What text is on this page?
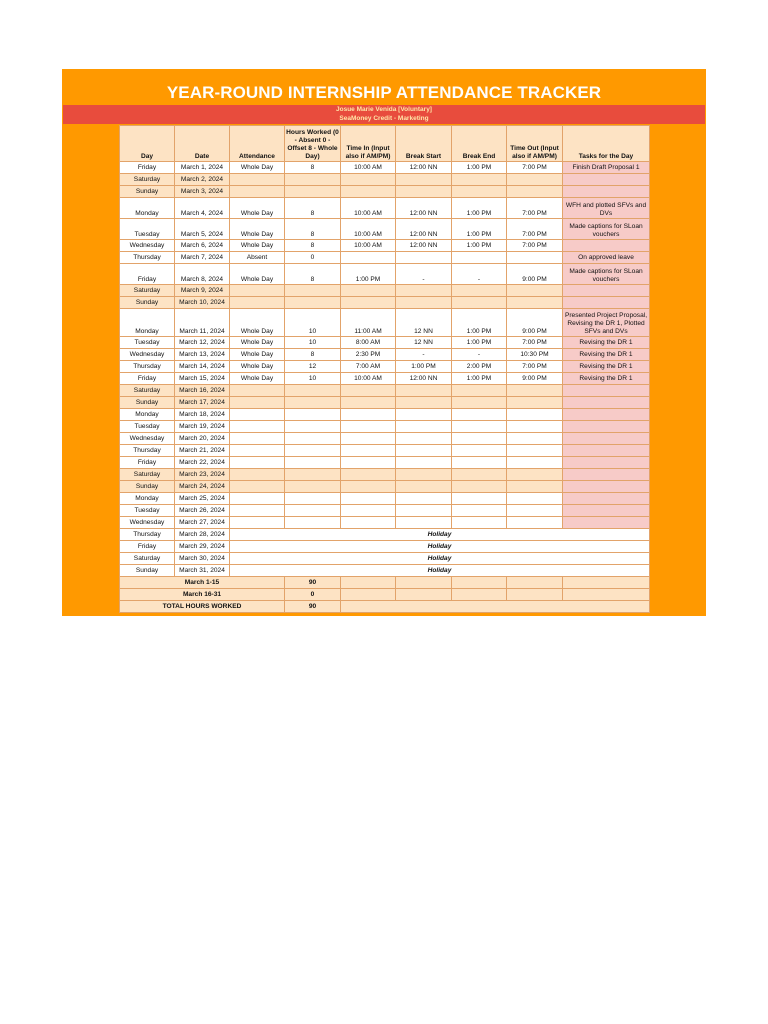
YEAR-ROUND INTERNSHIP ATTENDANCE TRACKER
Josue Marie Venida [Voluntary]
SeaMoney Credit - Marketing
Day	Date	Attendance	Hours Worked (0 - Absent 0 - Offset 8 - Whole Day)	Time In (Input also if AM/PM)	Break Start	Break End	Time Out (Input also if AM/PM)	Tasks for the Day
Friday	March 1, 2024	Whole Day	8	10:00 AM	12:00 NN	1:00 PM	7:00 PM	Finish Draft Proposal 1
Saturday	March 2, 2024							
Sunday	March 3, 2024							
Monday	March 4, 2024	Whole Day	8	10:00 AM	12:00 NN	1:00 PM	7:00 PM	WFH and plotted SFVs and DVs
Tuesday	March 5, 2024	Whole Day	8	10:00 AM	12:00 NN	1:00 PM	7:00 PM	Made captions for SLoan vouchers
Wednesday	March 6, 2024	Whole Day	8	10:00 AM	12:00 NN	1:00 PM	7:00 PM	
Thursday	March 7, 2024	Absent	0					On approved leave
Friday	March 8, 2024	Whole Day	8	1:00 PM	-	-	9:00 PM	Made captions for SLoan vouchers
Saturday	March 9, 2024							
Sunday	March 10, 2024							
Monday	March 11, 2024	Whole Day	10	11:00 AM	12 NN	1:00 PM	9:00 PM	Presented Project Proposal, Revising the DR 1, Plotted SFVs and DVs
Tuesday	March 12, 2024	Whole Day	10	8:00 AM	12 NN	1:00 PM	7:00 PM	Revising the DR 1
Wednesday	March 13, 2024	Whole Day	8	2:30 PM	-	-	10:30 PM	Revising the DR 1
Thursday	March 14, 2024	Whole Day	12	7:00 AM	1:00 PM	2:00 PM	7:00 PM	Revising the DR 1
Friday	March 15, 2024	Whole Day	10	10:00 AM	12:00 NN	1:00 PM	9:00 PM	Revising the DR 1
Saturday	March 16, 2024							
Sunday	March 17, 2024							
Monday	March 18, 2024							
Tuesday	March 19, 2024							
Wednesday	March 20, 2024							
Thursday	March 21, 2024							
Friday	March 22, 2024							
Saturday	March 23, 2024							
Sunday	March 24, 2024							
Monday	March 25, 2024							
Tuesday	March 26, 2024							
Wednesday	March 27, 2024							
Thursday	March 28, 2024	Holiday						
Friday	March 29, 2024	Holiday						
Saturday	March 30, 2024	Holiday						
Sunday	March 31, 2024	Holiday						
March 1-15			90					
March 16-31			0					
TOTAL HOURS WORKED			90					
